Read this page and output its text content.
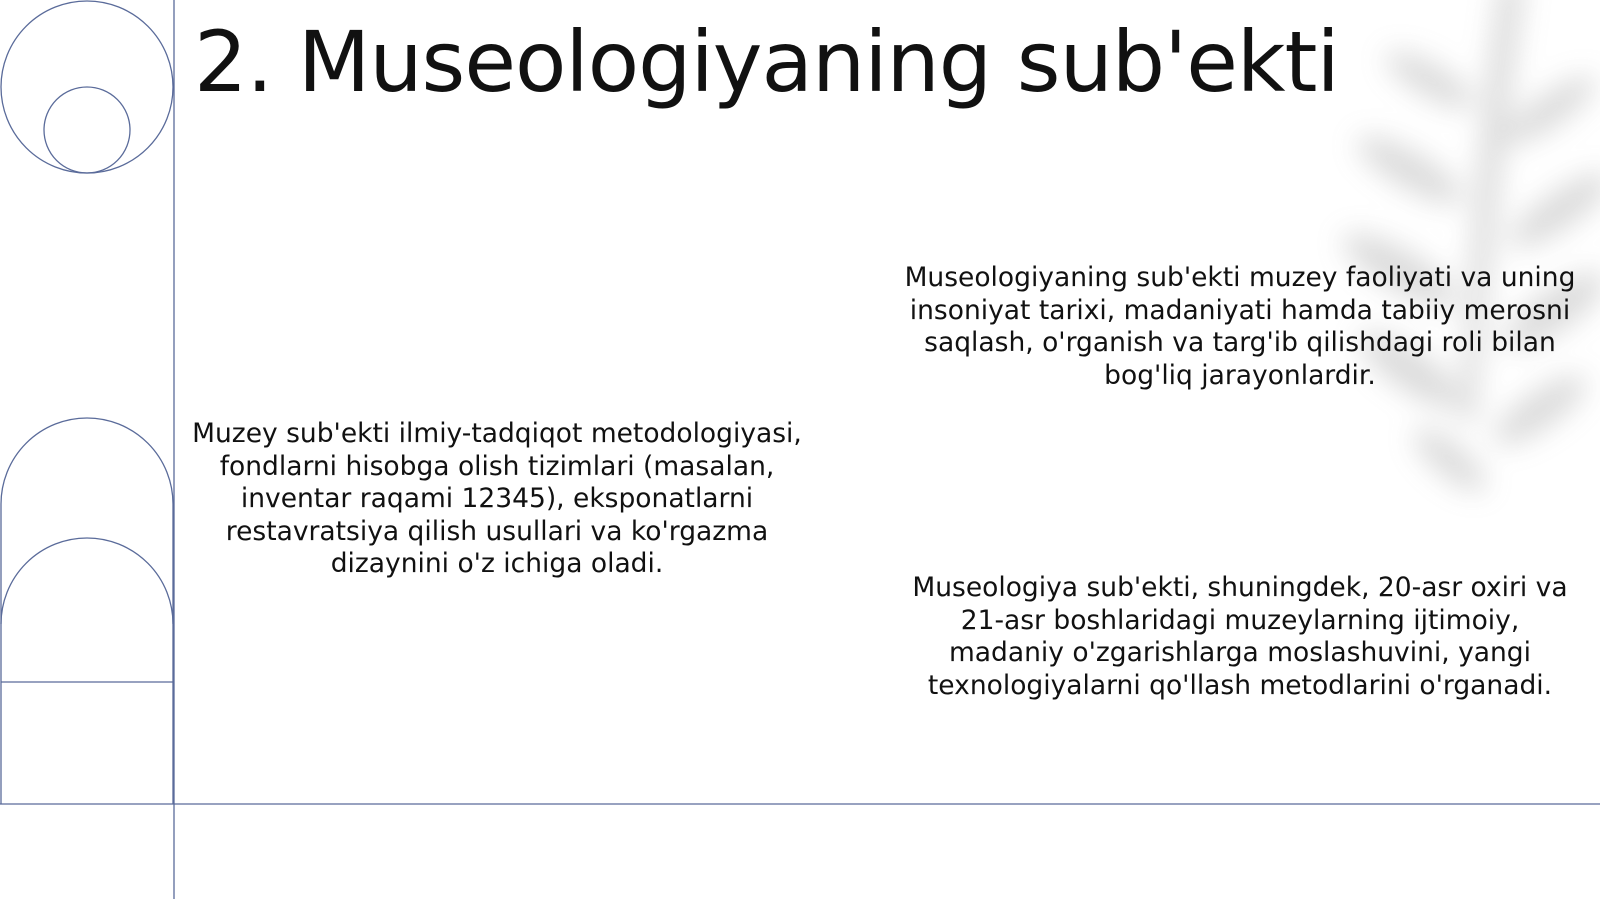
2. Museologiyaning sub'ekti

Muzey sub'ekti ilmiy-tadqiqot metodologiyasi, fondlarni hisobga olish tizimlari (masalan, inventar raqami 12345), eksponatlarni restavratsiya qilish usullari va ko'rgazma dizaynini o'z ichiga oladi.

Museologiyaning sub'ekti muzey faoliyati va uning insoniyat tarixi, madaniyati hamda tabiiy merosni saqlash, o'rganish va targ'ib qilishdagi roli bilan bog'liq jarayonlardir.

Museologiya sub'ekti, shuningdek, 20-asr oxiri va 21-asr boshlaridagi muzeylarning ijtimoiy, madaniy o'zgarishlarga moslashuvini, yangi texnologiyalarni qo'llash metodlarini o'rganadi.
